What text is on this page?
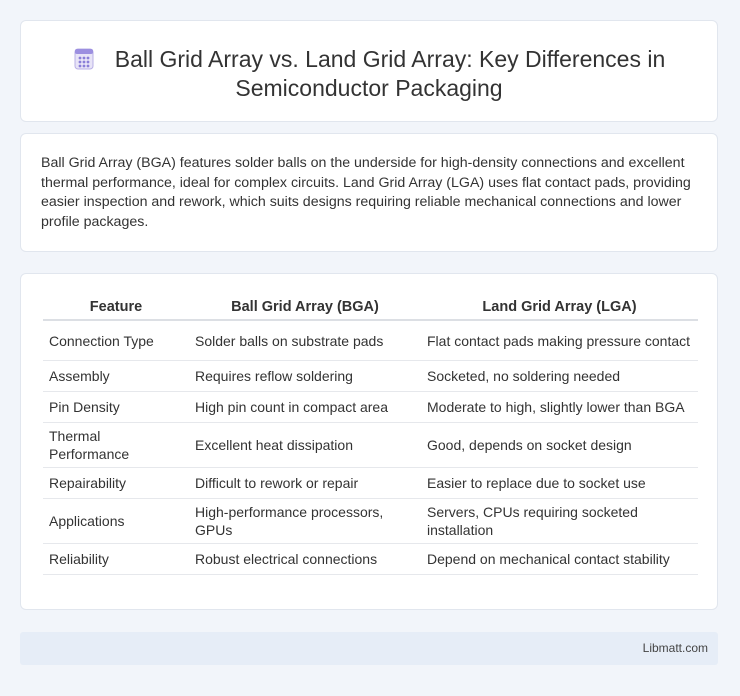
Ball Grid Array vs. Land Grid Array: Key Differences in
Semiconductor Packaging
Ball Grid Array (BGA) features solder balls on the underside for high-density connections and excellent thermal performance, ideal for complex circuits. Land Grid Array (LGA) uses flat contact pads, providing easier inspection and rework, which suits designs requiring reliable mechanical connections and lower profile packages.
Feature	Ball Grid Array (BGA)	Land Grid Array (LGA)
Connection Type	Solder balls on substrate pads	Flat contact pads making pressure contact
Assembly	Requires reflow soldering	Socketed, no soldering needed
Pin Density	High pin count in compact area	Moderate to high, slightly lower than BGA
Thermal Performance	Excellent heat dissipation	Good, depends on socket design
Repairability	Difficult to rework or repair	Easier to replace due to socket use
Applications	High-performance processors, GPUs	Servers, CPUs requiring socketed installation
Reliability	Robust electrical connections	Depend on mechanical contact stability
Libmatt.com
